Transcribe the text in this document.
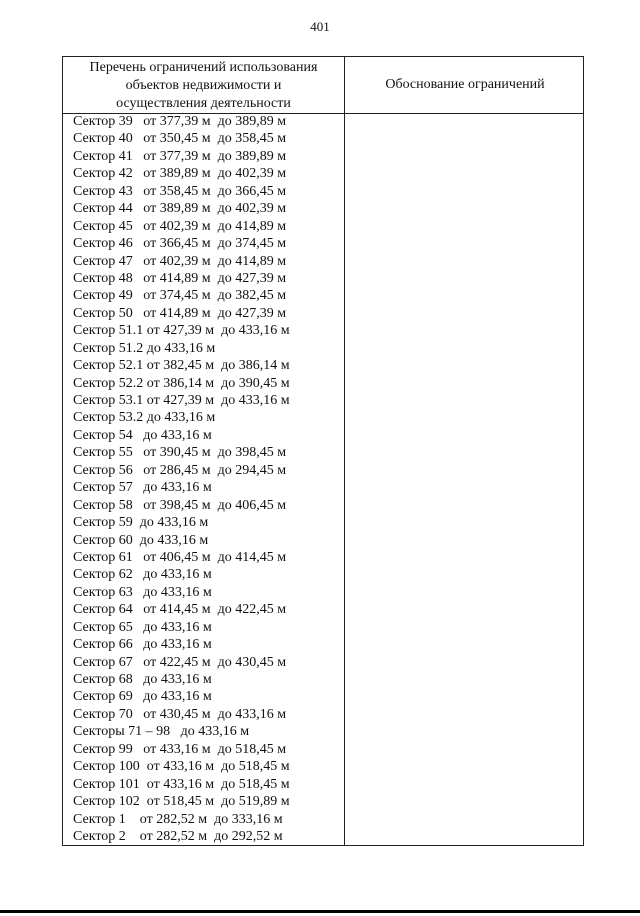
401
Перечень ограничений использования
объектов недвижимости и
осуществления деятельности
Обоснование ограничений
Сектор 39   от 377,39 м  до 389,89 м
Сектор 40   от 350,45 м  до 358,45 м
Сектор 41   от 377,39 м  до 389,89 м
Сектор 42   от 389,89 м  до 402,39 м
Сектор 43   от 358,45 м  до 366,45 м
Сектор 44   от 389,89 м  до 402,39 м
Сектор 45   от 402,39 м  до 414,89 м
Сектор 46   от 366,45 м  до 374,45 м
Сектор 47   от 402,39 м  до 414,89 м
Сектор 48   от 414,89 м  до 427,39 м
Сектор 49   от 374,45 м  до 382,45 м
Сектор 50   от 414,89 м  до 427,39 м
Сектор 51.1 от 427,39 м  до 433,16 м
Сектор 51.2 до 433,16 м
Сектор 52.1 от 382,45 м  до 386,14 м
Сектор 52.2 от 386,14 м  до 390,45 м
Сектор 53.1 от 427,39 м  до 433,16 м
Сектор 53.2 до 433,16 м
Сектор 54   до 433,16 м
Сектор 55   от 390,45 м  до 398,45 м
Сектор 56   от 286,45 м  до 294,45 м
Сектор 57   до 433,16 м
Сектор 58   от 398,45 м  до 406,45 м
Сектор 59  до 433,16 м
Сектор 60  до 433,16 м
Сектор 61   от 406,45 м  до 414,45 м
Сектор 62   до 433,16 м
Сектор 63   до 433,16 м
Сектор 64   от 414,45 м  до 422,45 м
Сектор 65   до 433,16 м
Сектор 66   до 433,16 м
Сектор 67   от 422,45 м  до 430,45 м
Сектор 68   до 433,16 м
Сектор 69   до 433,16 м
Сектор 70   от 430,45 м  до 433,16 м
Секторы 71 – 98   до 433,16 м
Сектор 99   от 433,16 м  до 518,45 м
Сектор 100  от 433,16 м  до 518,45 м
Сектор 101  от 433,16 м  до 518,45 м
Сектор 102  от 518,45 м  до 519,89 м
Сектор 1    от 282,52 м  до 333,16 м
Сектор 2    от 282,52 м  до 292,52 м
